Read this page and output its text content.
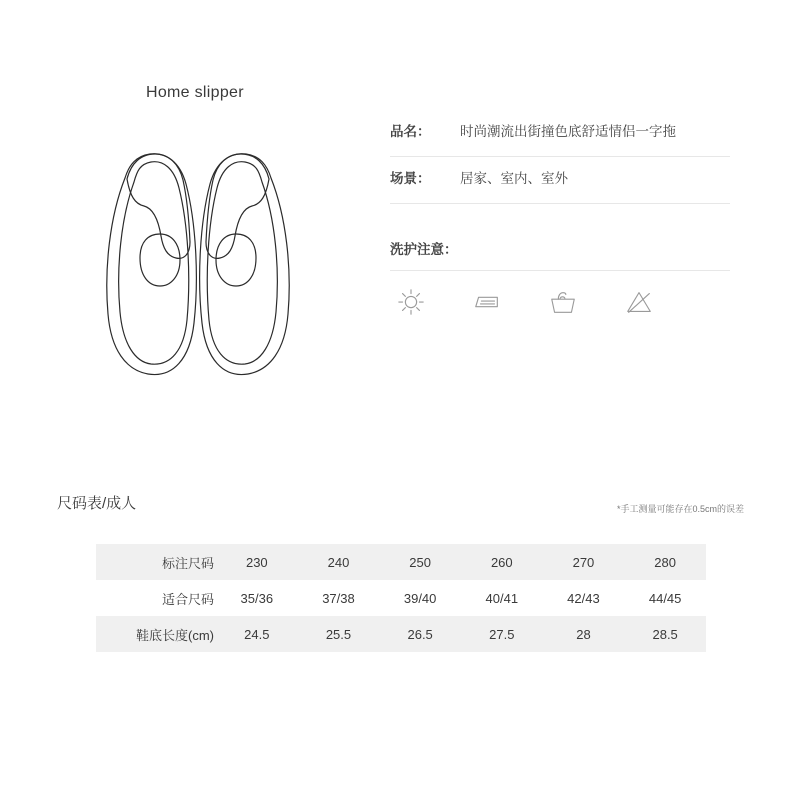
Home slipper
品名：	时尚潮流出街撞色底舒适情侣一字拖
场景：	居家、室内、室外
洗护注意：
尺码表/成人	*手工测量可能存在0.5cm的误差
标注尺码	230	240	250	260	270	280
适合尺码	35/36	37/38	39/40	40/41	42/43	44/45
鞋底长度(cm)	24.5	25.5	26.5	27.5	28	28.5
